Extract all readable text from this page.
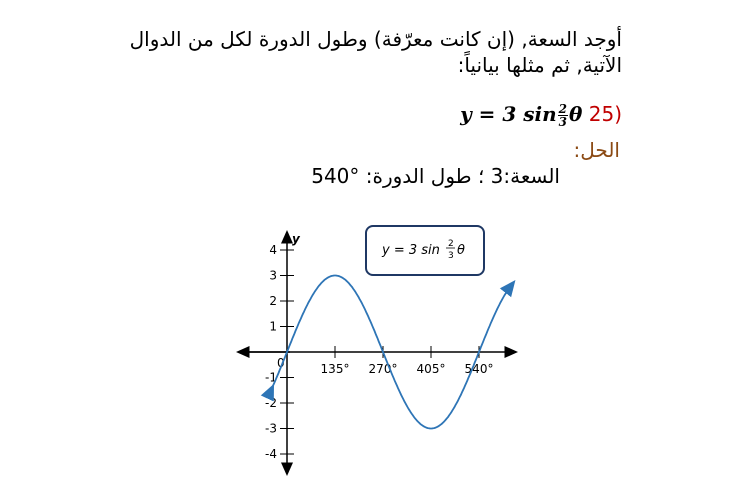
أوجد السعة, (إن كانت معرّفة) وطول الدورة لكل من الدوال الآتية, ثم مثلها بيانياً:
(25 y = 3 $\sin \frac{2}{3}$ θ
الحل:
السعة:3 ؛ طول الدورة: °540
y
0
4
3
2
1
-1
-2
-3
-4
135° 270° 405° 540°
y = 3 sin 2
3 θ
